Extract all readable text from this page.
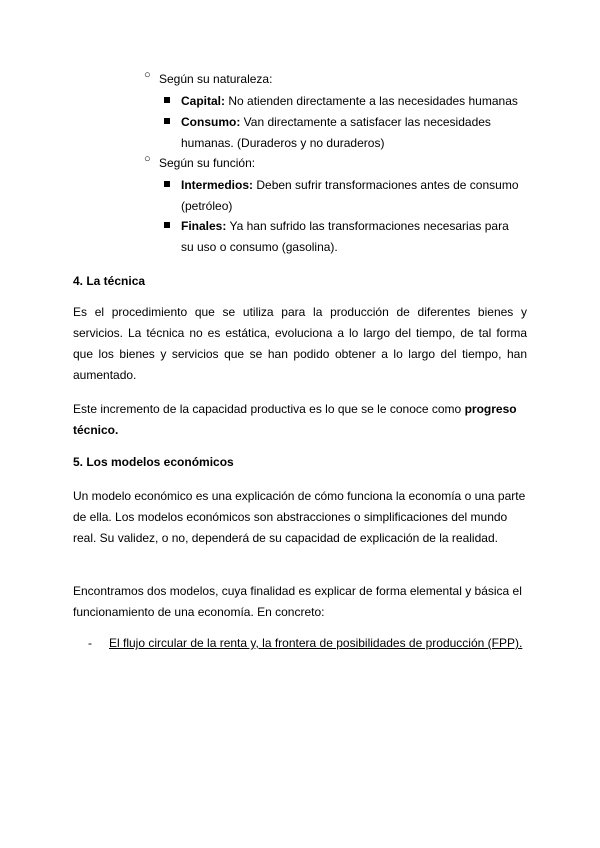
○ Según su naturaleza:
Capital: No atienden directamente a las necesidades humanas
Consumo: Van directamente a satisfacer las necesidades
humanas. (Duraderos y no duraderos)
○ Según su función:
Intermedios: Deben sufrir transformaciones antes de consumo
(petróleo)
Finales: Ya han sufrido las transformaciones necesarias para
su uso o consumo (gasolina).
4. La técnica

Es el procedimiento que se utiliza para la producción de diferentes bienes y servicios. La técnica no es estática, evoluciona a lo largo del tiempo, de tal forma que los bienes y servicios que se han podido obtener a lo largo del tiempo, han aumentado.

Este incremento de la capacidad productiva es lo que se le conoce como progreso técnico.

5. Los modelos económicos

Un modelo económico es una explicación de cómo funciona la economía o una parte de ella. Los modelos económicos son abstracciones o simplificaciones del mundo real. Su validez, o no, dependerá de su capacidad de explicación de la realidad.

Encontramos dos modelos, cuya finalidad es explicar de forma elemental y básica el funcionamiento de una economía. En concreto:

- El flujo circular de la renta y, la frontera de posibilidades de producción (FPP).
